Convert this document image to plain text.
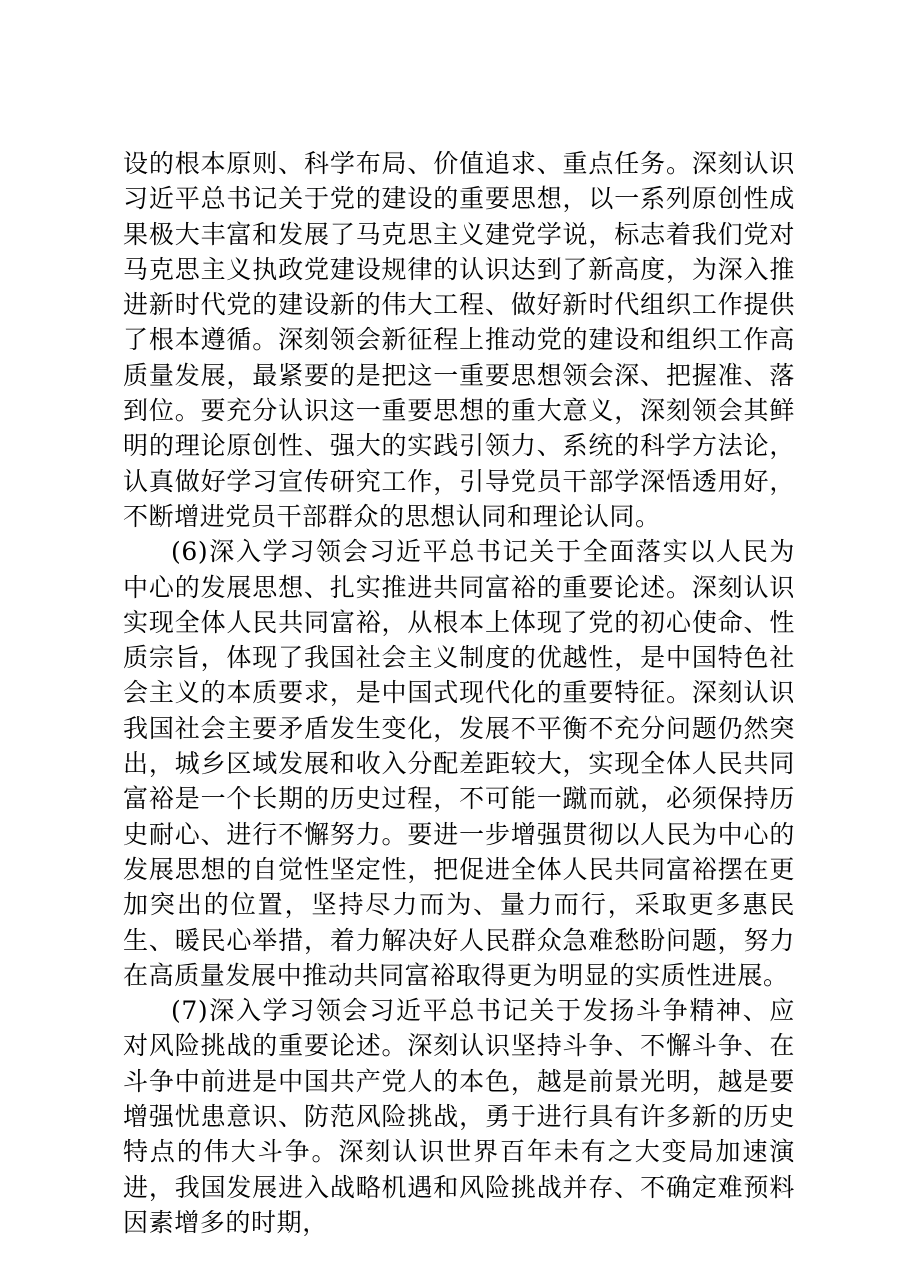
设的根本原则、科学布局、价值追求、重点任务。深刻认识习近平总书记关于党的建设的重要思想，以一系列原创性成果极大丰富和发展了马克思主义建党学说，标志着我们党对马克思主义执政党建设规律的认识达到了新高度，为深入推进新时代党的建设新的伟大工程、做好新时代组织工作提供了根本遵循。深刻领会新征程上推动党的建设和组织工作高质量发展，最紧要的是把这一重要思想领会深、把握准、落到位。要充分认识这一重要思想的重大意义，深刻领会其鲜明的理论原创性、强大的实践引领力、系统的科学方法论，认真做好学习宣传研究工作，引导党员干部学深悟透用好，不断增进党员干部群众的思想认同和理论认同。

(6)深入学习领会习近平总书记关于全面落实以人民为中心的发展思想、扎实推进共同富裕的重要论述。深刻认识实现全体人民共同富裕，从根本上体现了党的初心使命、性质宗旨，体现了我国社会主义制度的优越性，是中国特色社会主义的本质要求，是中国式现代化的重要特征。深刻认识我国社会主要矛盾发生变化，发展不平衡不充分问题仍然突出，城乡区域发展和收入分配差距较大，实现全体人民共同富裕是一个长期的历史过程，不可能一蹴而就，必须保持历史耐心、进行不懈努力。要进一步增强贯彻以人民为中心的发展思想的自觉性坚定性，把促进全体人民共同富裕摆在更加突出的位置，坚持尽力而为、量力而行，采取更多惠民生、暖民心举措，着力解决好人民群众急难愁盼问题，努力在高质量发展中推动共同富裕取得更为明显的实质性进展。

(7)深入学习领会习近平总书记关于发扬斗争精神、应对风险挑战的重要论述。深刻认识坚持斗争、不懈斗争、在斗争中前进是中国共产党人的本色，越是前景光明，越是要增强忧患意识、防范风险挑战，勇于进行具有许多新的历史特点的伟大斗争。深刻认识世界百年未有之大变局加速演进，我国发展进入战略机遇和风险挑战并存、不确定难预料因素增多的时期，
